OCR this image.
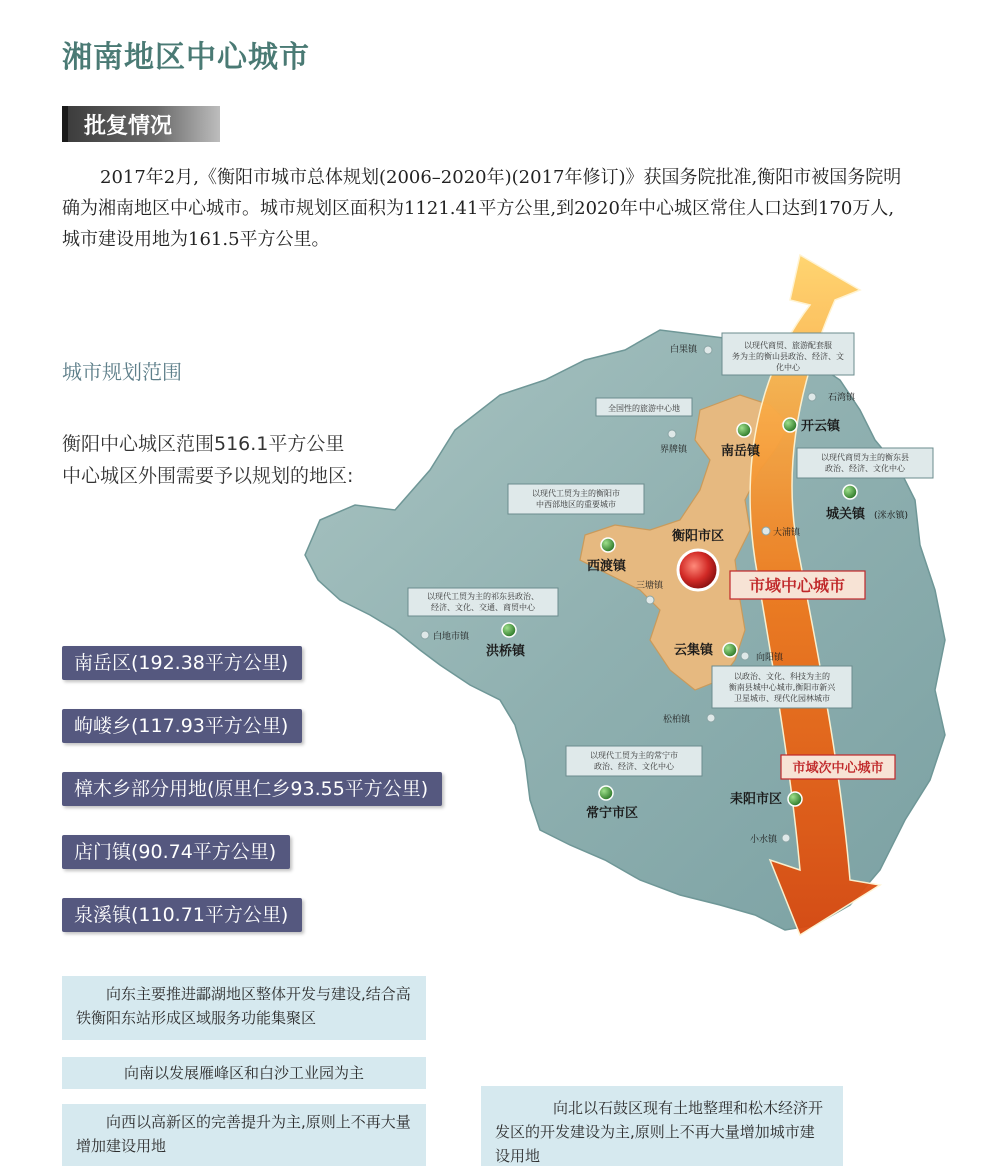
湘南地区中心城市
批复情况
2017年2月,《衡阳市城市总体规划(2006–2020年)(2017年修订)》获国务院批准,衡阳市被国务院明确为湘南地区中心城市。城市规划区面积为1121.41平方公里,到2020年中心城区常住人口达到170万人,城市建设用地为161.5平方公里。
城市规划范围
衡阳中心城区范围516.1平方公里
中心城区外围需要予以规划的地区:
以现代商贸、旅游配套服
务为主的衡山县政治、经济、文
化中心
全国性的旅游中心地
以现代商贸为主的衡东县
政治、经济、文化中心
以现代工贸为主的衡阳市
中西部地区的重要城市
以现代工贸为主的祁东县政治、
经济、文化、交通、商贸中心
以政治、文化、科技为主的
衡南县城中心城市,衡阳市新兴
卫星城市、现代化园林城市
以现代工贸为主的常宁市
政治、经济、文化中心
白果镇
石湾镇
界牌镇
大浦镇
三塘镇
白地市镇
向阳镇
松柏镇
小水镇
开云镇
南岳镇
城关镇 (洣水镇)
衡阳市区
西渡镇
洪桥镇	云集镇
常宁市区
耒阳市区
市域中心城市
市域次中心城市
南岳区(192.38平方公里)
岣嵝乡(117.93平方公里)
樟木乡部分用地(原里仁乡93.55平方公里)
店门镇(90.74平方公里)
泉溪镇(110.71平方公里)
向东主要推进酃湖地区整体开发与建设,结合高铁衡阳东站形成区域服务功能集聚区
向南以发展雁峰区和白沙工业园为主
向西以高新区的完善提升为主,原则上不再大量增加建设用地
向北以石鼓区现有土地整理和松木经济开发区的开发建设为主,原则上不再大量增加城市建设用地
